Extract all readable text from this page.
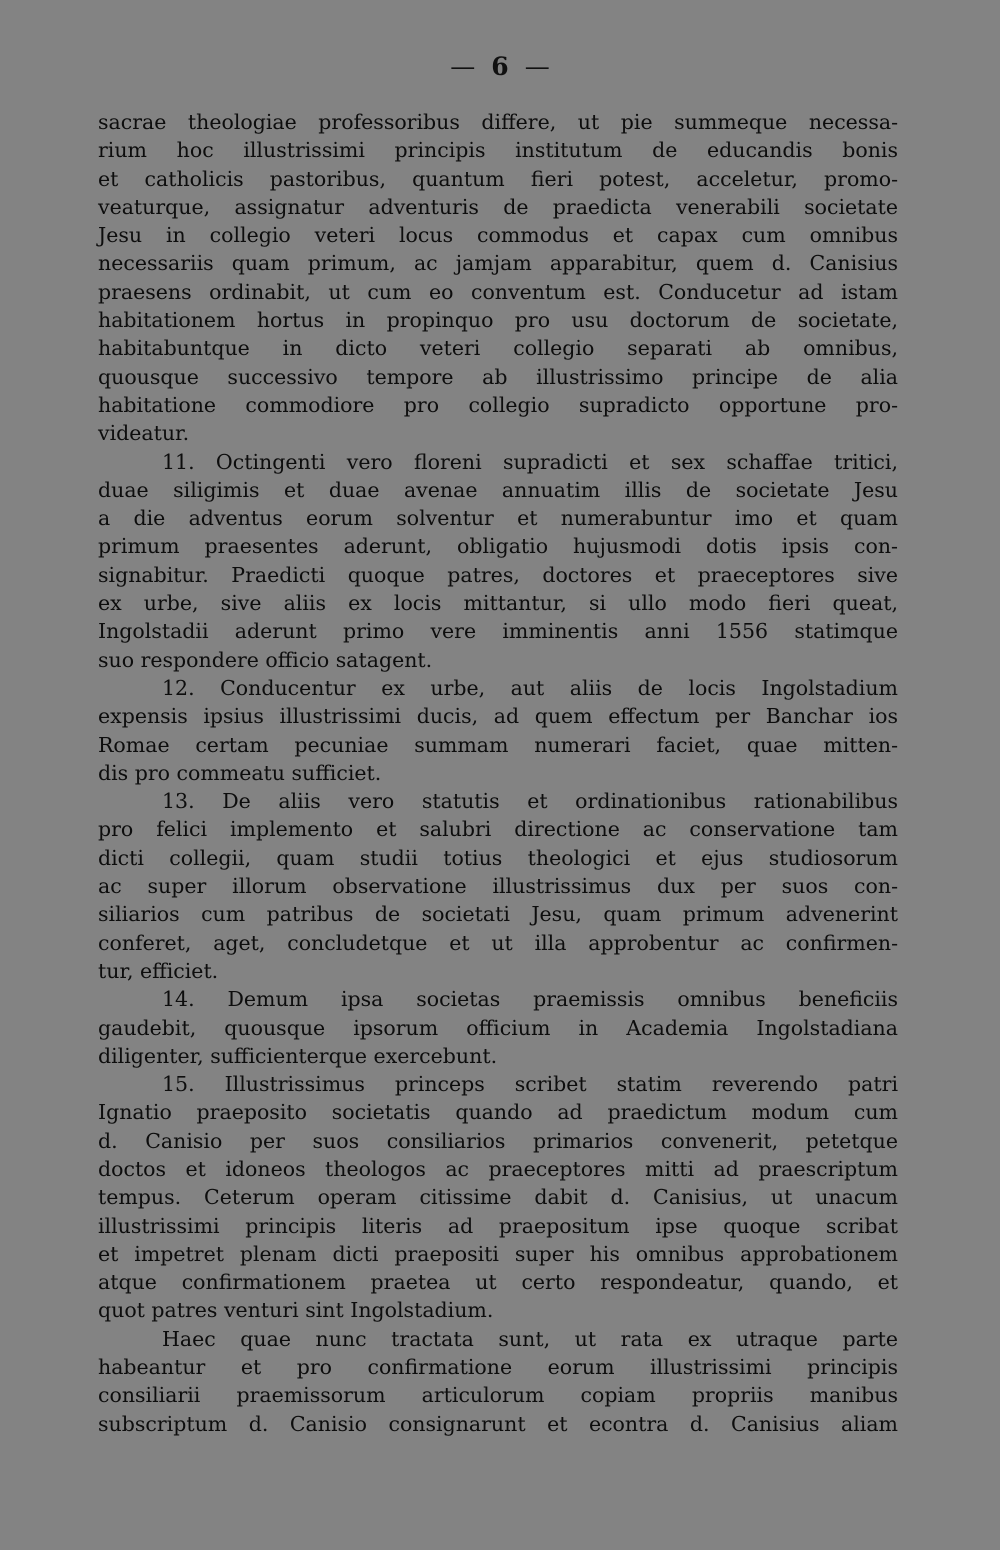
— 6 —
sacrae theologiae professoribus differe, ut pie summeque necessa-
rium hoc illustrissimi principis institutum de educandis bonis
et catholicis pastoribus, quantum fieri potest, acceletur, promo-
veaturque, assignatur adventuris de praedicta venerabili societate
Jesu in collegio veteri locus commodus et capax cum omnibus
necessariis quam primum, ac jamjam apparabitur, quem d. Canisius
praesens ordinabit, ut cum eo conventum est. Conducetur ad istam
habitationem hortus in propinquo pro usu doctorum de societate,
habitabuntque in dicto veteri collegio separati ab omnibus,
quousque successivo tempore ab illustrissimo principe de alia
habitatione commodiore pro collegio supradicto opportune pro-
videatur.
11. Octingenti vero floreni supradicti et sex schaffae tritici,
duae siligimis et duae avenae annuatim illis de societate Jesu
a die adventus eorum solventur et numerabuntur imo et quam
primum praesentes aderunt, obligatio hujusmodi dotis ipsis con-
signabitur. Praedicti quoque patres, doctores et praeceptores sive
ex urbe, sive aliis ex locis mittantur, si ullo modo fieri queat,
Ingolstadii aderunt primo vere imminentis anni 1556 statimque
suo respondere officio satagent.
12. Conducentur ex urbe, aut aliis de locis Ingolstadium
expensis ipsius illustrissimi ducis, ad quem effectum per Banchar ios
Romae certam pecuniae summam numerari faciet, quae mitten-
dis pro commeatu sufficiet.
13. De aliis vero statutis et ordinationibus rationabilibus
pro felici implemento et salubri directione ac conservatione tam
dicti collegii, quam studii totius theologici et ejus studiosorum
ac super illorum observatione illustrissimus dux per suos con-
siliarios cum patribus de societati Jesu, quam primum advenerint
conferet, aget, concludetque et ut illa approbentur ac confirmen-
tur, efficiet.
14. Demum ipsa societas praemissis omnibus beneficiis
gaudebit, quousque ipsorum officium in Academia Ingolstadiana
diligenter, sufficienterque exercebunt.
15. Illustrissimus princeps scribet statim reverendo patri
Ignatio praeposito societatis quando ad praedictum modum cum
d. Canisio per suos consiliarios primarios convenerit, petetque
doctos et idoneos theologos ac praeceptores mitti ad praescriptum
tempus. Ceterum operam citissime dabit d. Canisius, ut unacum
illustrissimi principis literis ad praepositum ipse quoque scribat
et impetret plenam dicti praepositi super his omnibus approbationem
atque confirmationem praetea ut certo respondeatur, quando, et
quot patres venturi sint Ingolstadium.
Haec quae nunc tractata sunt, ut rata ex utraque parte
habeantur et pro confirmatione eorum illustrissimi principis
consiliarii praemissorum articulorum copiam propriis manibus
subscriptum d. Canisio consignarunt et econtra d. Canisius aliam
